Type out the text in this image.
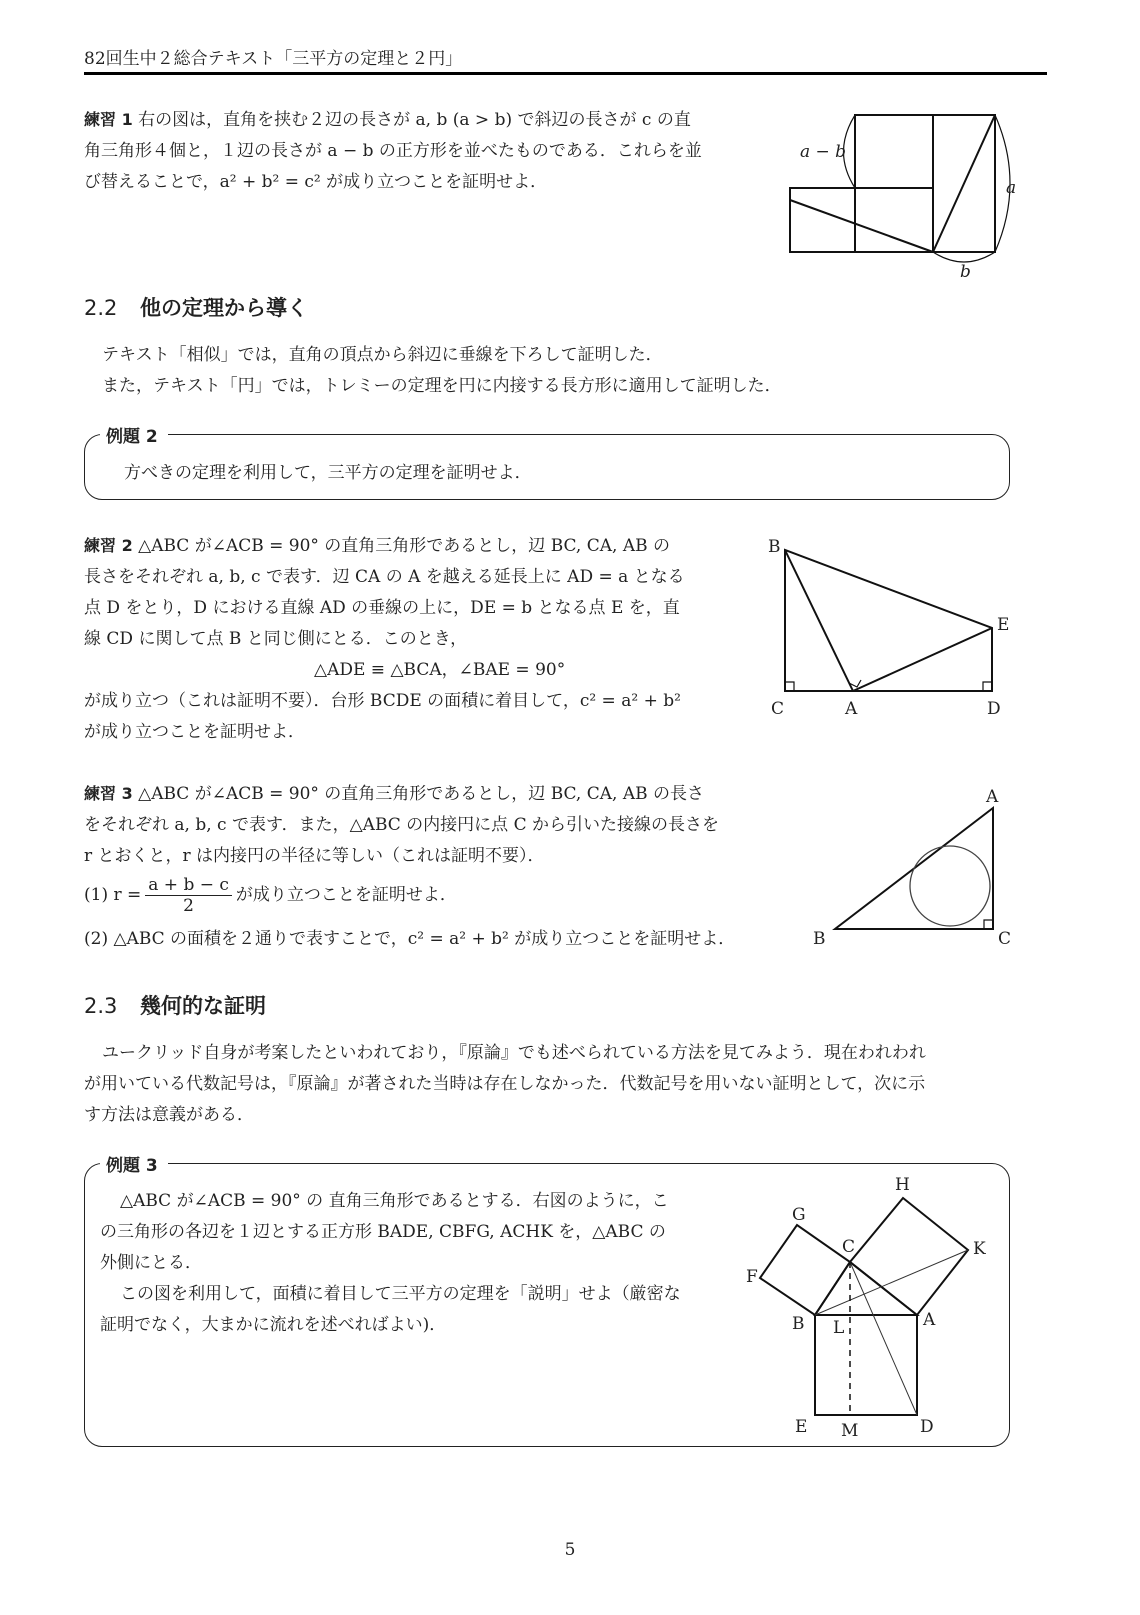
82回生中２総合テキスト「三平方の定理と２円」

練習 1 右の図は，直角を挟む２辺の長さが a, b (a > b) で斜辺の長さが c の直

角三角形４個と，１辺の長さが a − b の正方形を並べたものである．これらを並

び替えることで，a² + b² = c² が成り立つことを証明せよ．

a − b
a
b
2.2 他の定理から導く

テキスト「相似」では，直角の頂点から斜辺に垂線を下ろして証明した．

また，テキスト「円」では，トレミーの定理を円に内接する長方形に適用して証明した．

例題 2
方べきの定理を利用して，三平方の定理を証明せよ．

練習 2 △ABC が∠ACB = 90° の直角三角形であるとし，辺 BC, CA, AB の

長さをそれぞれ a, b, c で表す．辺 CA の A を越える延長上に AD = a となる

点 D をとり，D における直線 AD の垂線の上に，DE = b となる点 E を，直

線 CD に関して点 B と同じ側にとる．このとき，

△ADE ≡ △BCA，∠BAE = 90°

が成り立つ（これは証明不要）．台形 BCDE の面積に着目して，c² = a² + b²

が成り立つことを証明せよ．

B
E
C	A	D

練習 3 △ABC が∠ACB = 90° の直角三角形であるとし，辺 BC, CA, AB の長さ

をそれぞれ a, b, c で表す．また，△ABC の内接円に点 C から引いた接線の長さを

r とおくと，r は内接円の半径に等しい（これは証明不要）．

(1) $r = \frac{a + b - c}{2}$ が成り立つことを証明せよ．
(2) △ABC の面積を２通りで表すことで，c² = a² + b² が成り立つことを証明せよ．
A
B	C
2.3 幾何的な証明

ユークリッド自身が考案したといわれており，『原論』でも述べられている方法を見てみよう．現在われわれ

が用いている代数記号は，『原論』が著された当時は存在しなかった．代数記号を用いない証明として，次に示

す方法は意義がある．

例題 3

△ABC が∠ACB = 90° の 直角三角形であるとする．右図のように，こ

の三角形の各辺を１辺とする正方形 BADE, CBFG, ACHK を，△ABC の

外側にとる．

この図を利用して，面積に着目して三平方の定理を「説明」せよ（厳密な

証明でなく，大まかに流れを述べればよい)．

H
G
C	K
F
B L	A
E M	D
5
